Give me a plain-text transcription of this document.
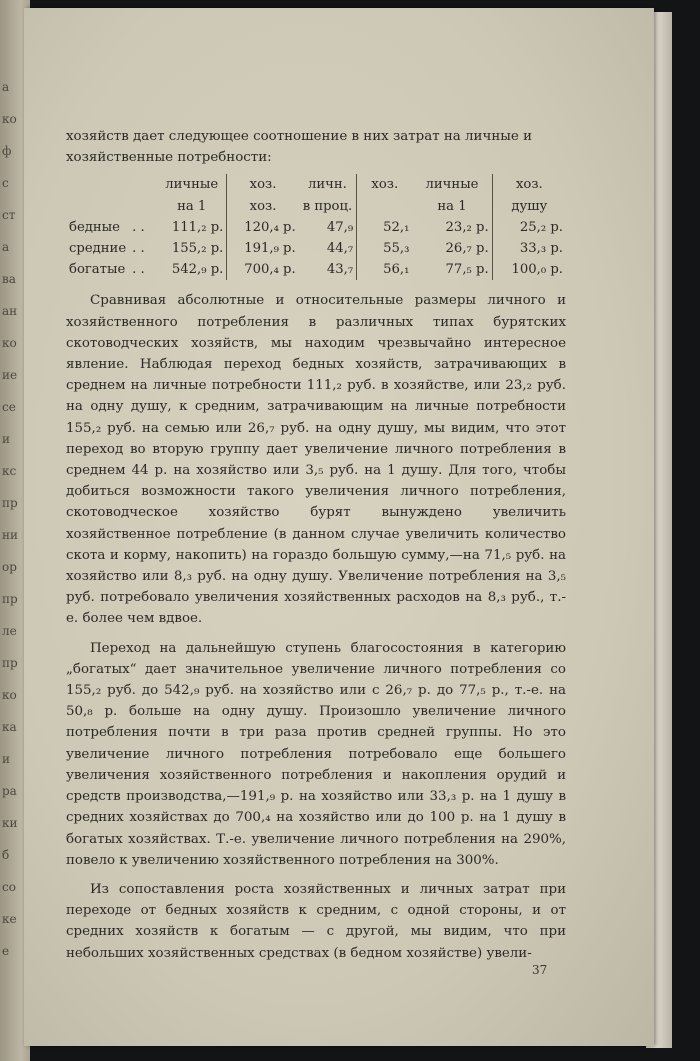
а
ко
ф
с
ст
а
ва
ан
ко
ие
се
и
кс
пр
ни
ор
пр
ле
пр
ко
ка
и
ра
ки
б
со
ке
е

хозяйств дает следующее соотношение в них затрат на личные и

хозяйственные потребности:

		личные	хоз.	личн.	хоз.	личные	хоз.
		на 1	хоз.	в проц.		на 1	душу
бедные	. .	111,₂ р.	120,₄ р.	47,₉	52,₁	23,₂ р.	25,₂ р.
средние	. .	155,₂ р.	191,₉ р.	44,₇	55,₃	26,₇ р.	33,₃ р.
богатые	. .	542,₉ р.	700,₄ р.	43,₇	56,₁	77,₅ р.	100,₀ р.

Сравнивая абсолютные и относительные размеры личного и хозяйственного потребления в различных типах бурятских скотоводческих хозяйств, мы находим чрезвычайно интересное явление. Наблюдая переход бедных хозяйств, затрачивающих в среднем на личные потребности 111,₂ руб. в хозяйстве, или 23,₂ руб. на одну душу, к средним, затрачивающим на личные потребности 155,₂ руб. на семью или 26,₇ руб. на одну душу, мы видим, что этот переход во вторую группу дает увеличение личного потребления в среднем 44 р. на хозяйство или 3,₅ руб. на 1 душу. Для того, чтобы добиться возможности такого увеличения личного потребления, скотоводческое хозяйство бурят вынуждено увеличить хозяйственное потребление (в данном случае увеличить количество скота и корму, накопить) на гораздо большую сумму,—на 71,₅ руб. на хозяйство или 8,₃ руб. на одну душу. Увеличение потребления на 3,₅ руб. потребовало увеличения хозяйственных расходов на 8,₃ руб., т.-е. более чем вдвое.

Переход на дальнейшую ступень благосостояния в категорию „богатых“ дает значительное увеличение личного потребления со 155,₂ руб. до 542,₉ руб. на хозяйство или с 26,₇ р. до 77,₅ р., т.-е. на 50,₈ р. больше на одну душу. Произошло увеличение личного потребления почти в три раза против средней группы. Но это увеличение личного потребления потребовало еще большего увеличения хозяйственного потребления и накопления орудий и средств производства,—191,₉ р. на хозяйство или 33,₃ р. на 1 душу в средних хозяйствах до 700,₄ на хозяйство или до 100 р. на 1 душу в богатых хозяйствах. Т.-е. увеличение личного потребления на 290%, повело к увеличению хозяйственного потребления на 300%.

Из сопоставления роста хозяйственных и личных затрат при переходе от бедных хозяйств к средним, с одной стороны, и от средних хозяйств к богатым — с другой, мы видим, что при небольших хозяйственных средствах (в бедном хозяйстве) увели-

37
